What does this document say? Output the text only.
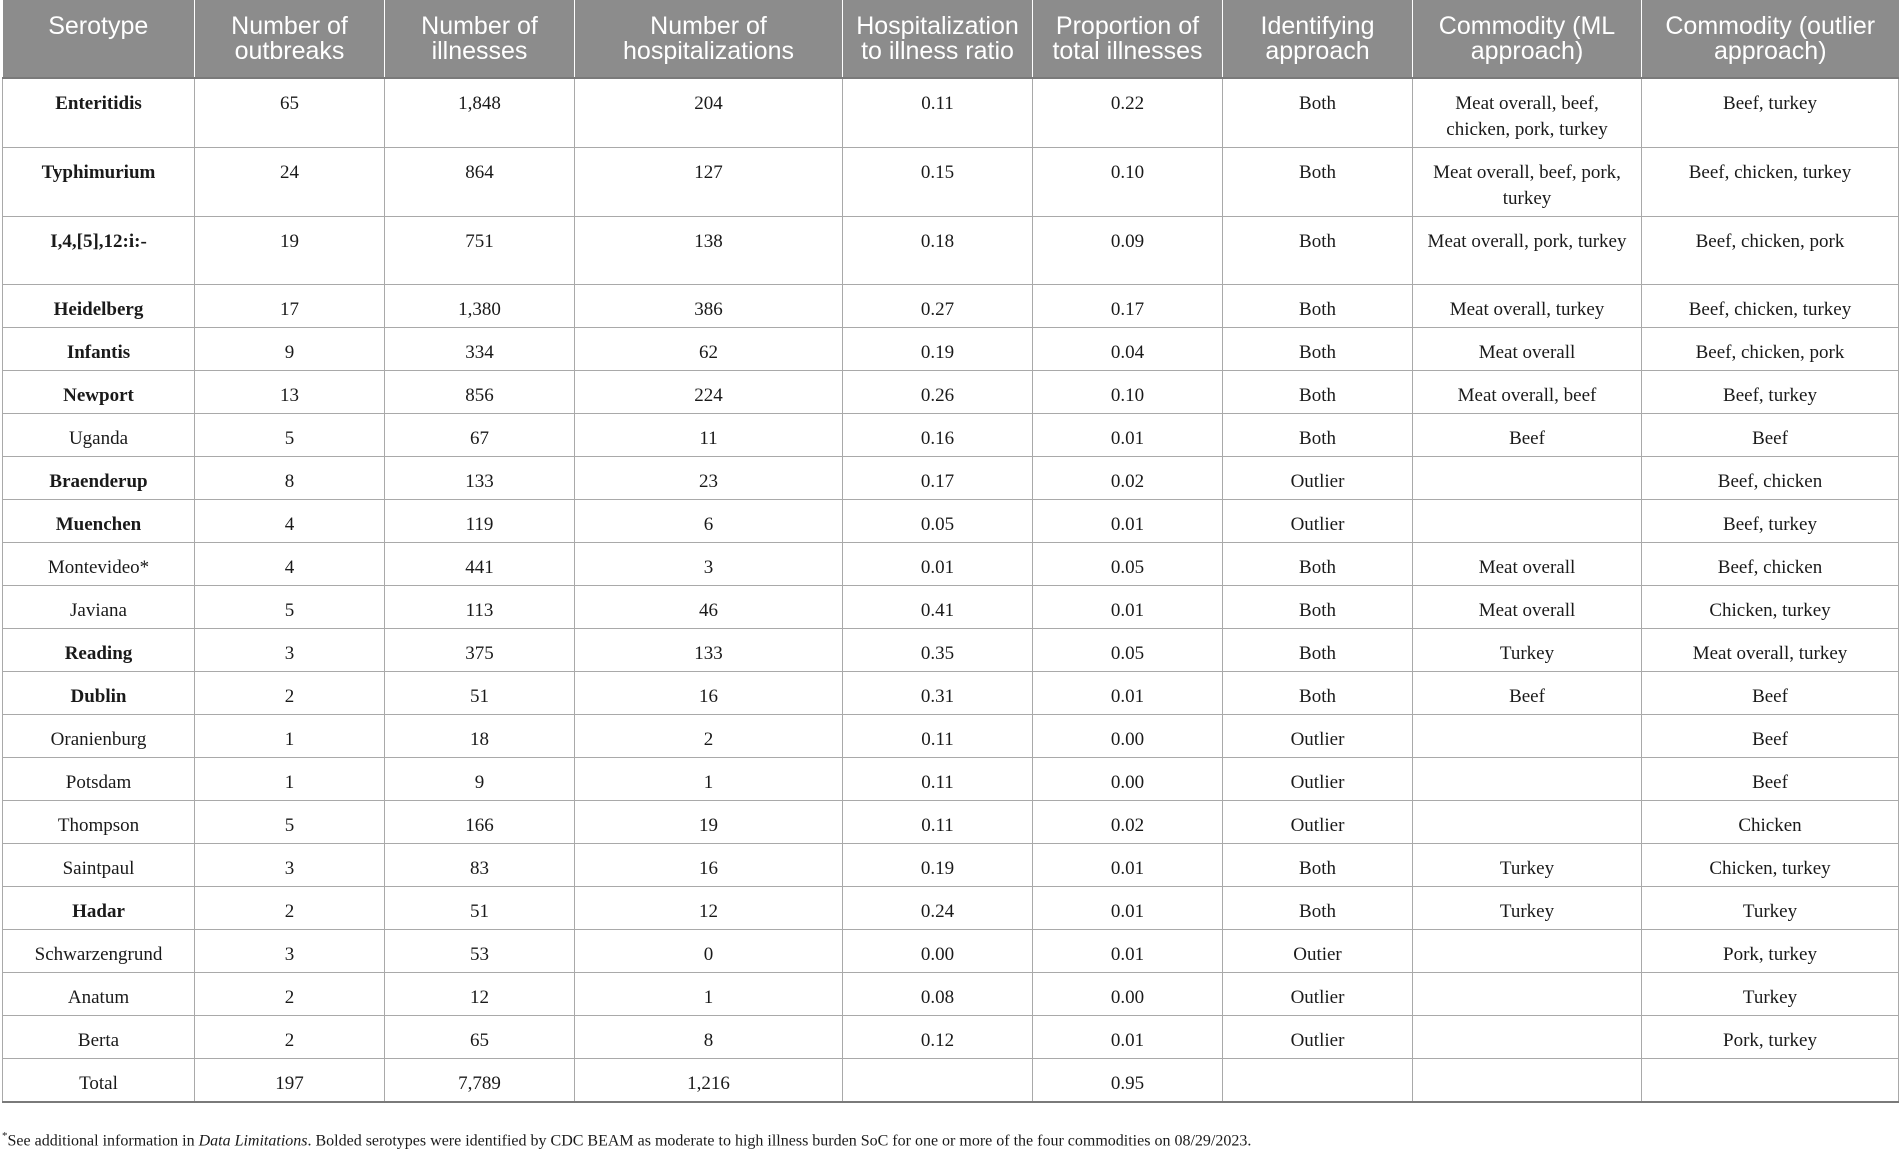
Serotype	Number of outbreaks	Number of illnesses	Number of hospitalizations	Hospitalization to illness ratio	Proportion of total illnesses	Identifying approach	Commodity (ML approach)	Commodity (outlier approach)
Enteritidis	65	1,848	204	0.11	0.22	Both	Meat overall, beef, chicken, pork, turkey	Beef, turkey
Typhimurium	24	864	127	0.15	0.10	Both	Meat overall, beef, pork, turkey	Beef, chicken, turkey
I,4,[5],12:i:-	19	751	138	0.18	0.09	Both	Meat overall, pork, turkey	Beef, chicken, pork
Heidelberg	17	1,380	386	0.27	0.17	Both	Meat overall, turkey	Beef, chicken, turkey
Infantis	9	334	62	0.19	0.04	Both	Meat overall	Beef, chicken, pork
Newport	13	856	224	0.26	0.10	Both	Meat overall, beef	Beef, turkey
Uganda	5	67	11	0.16	0.01	Both	Beef	Beef
Braenderup	8	133	23	0.17	0.02	Outlier		Beef, chicken
Muenchen	4	119	6	0.05	0.01	Outlier		Beef, turkey
Montevideo*	4	441	3	0.01	0.05	Both	Meat overall	Beef, chicken
Javiana	5	113	46	0.41	0.01	Both	Meat overall	Chicken, turkey
Reading	3	375	133	0.35	0.05	Both	Turkey	Meat overall, turkey
Dublin	2	51	16	0.31	0.01	Both	Beef	Beef
Oranienburg	1	18	2	0.11	0.00	Outlier		Beef
Potsdam	1	9	1	0.11	0.00	Outlier		Beef
Thompson	5	166	19	0.11	0.02	Outlier		Chicken
Saintpaul	3	83	16	0.19	0.01	Both	Turkey	Chicken, turkey
Hadar	2	51	12	0.24	0.01	Both	Turkey	Turkey
Schwarzengrund	3	53	0	0.00	0.01	Outier		Pork, turkey
Anatum	2	12	1	0.08	0.00	Outlier		Turkey
Berta	2	65	8	0.12	0.01	Outlier		Pork, turkey
Total	197	7,789	1,216		0.95			
*See additional information in Data Limitations. Bolded serotypes were identified by CDC BEAM as moderate to high illness burden SoC for one or more of the four commodities on 08/29/2023.
